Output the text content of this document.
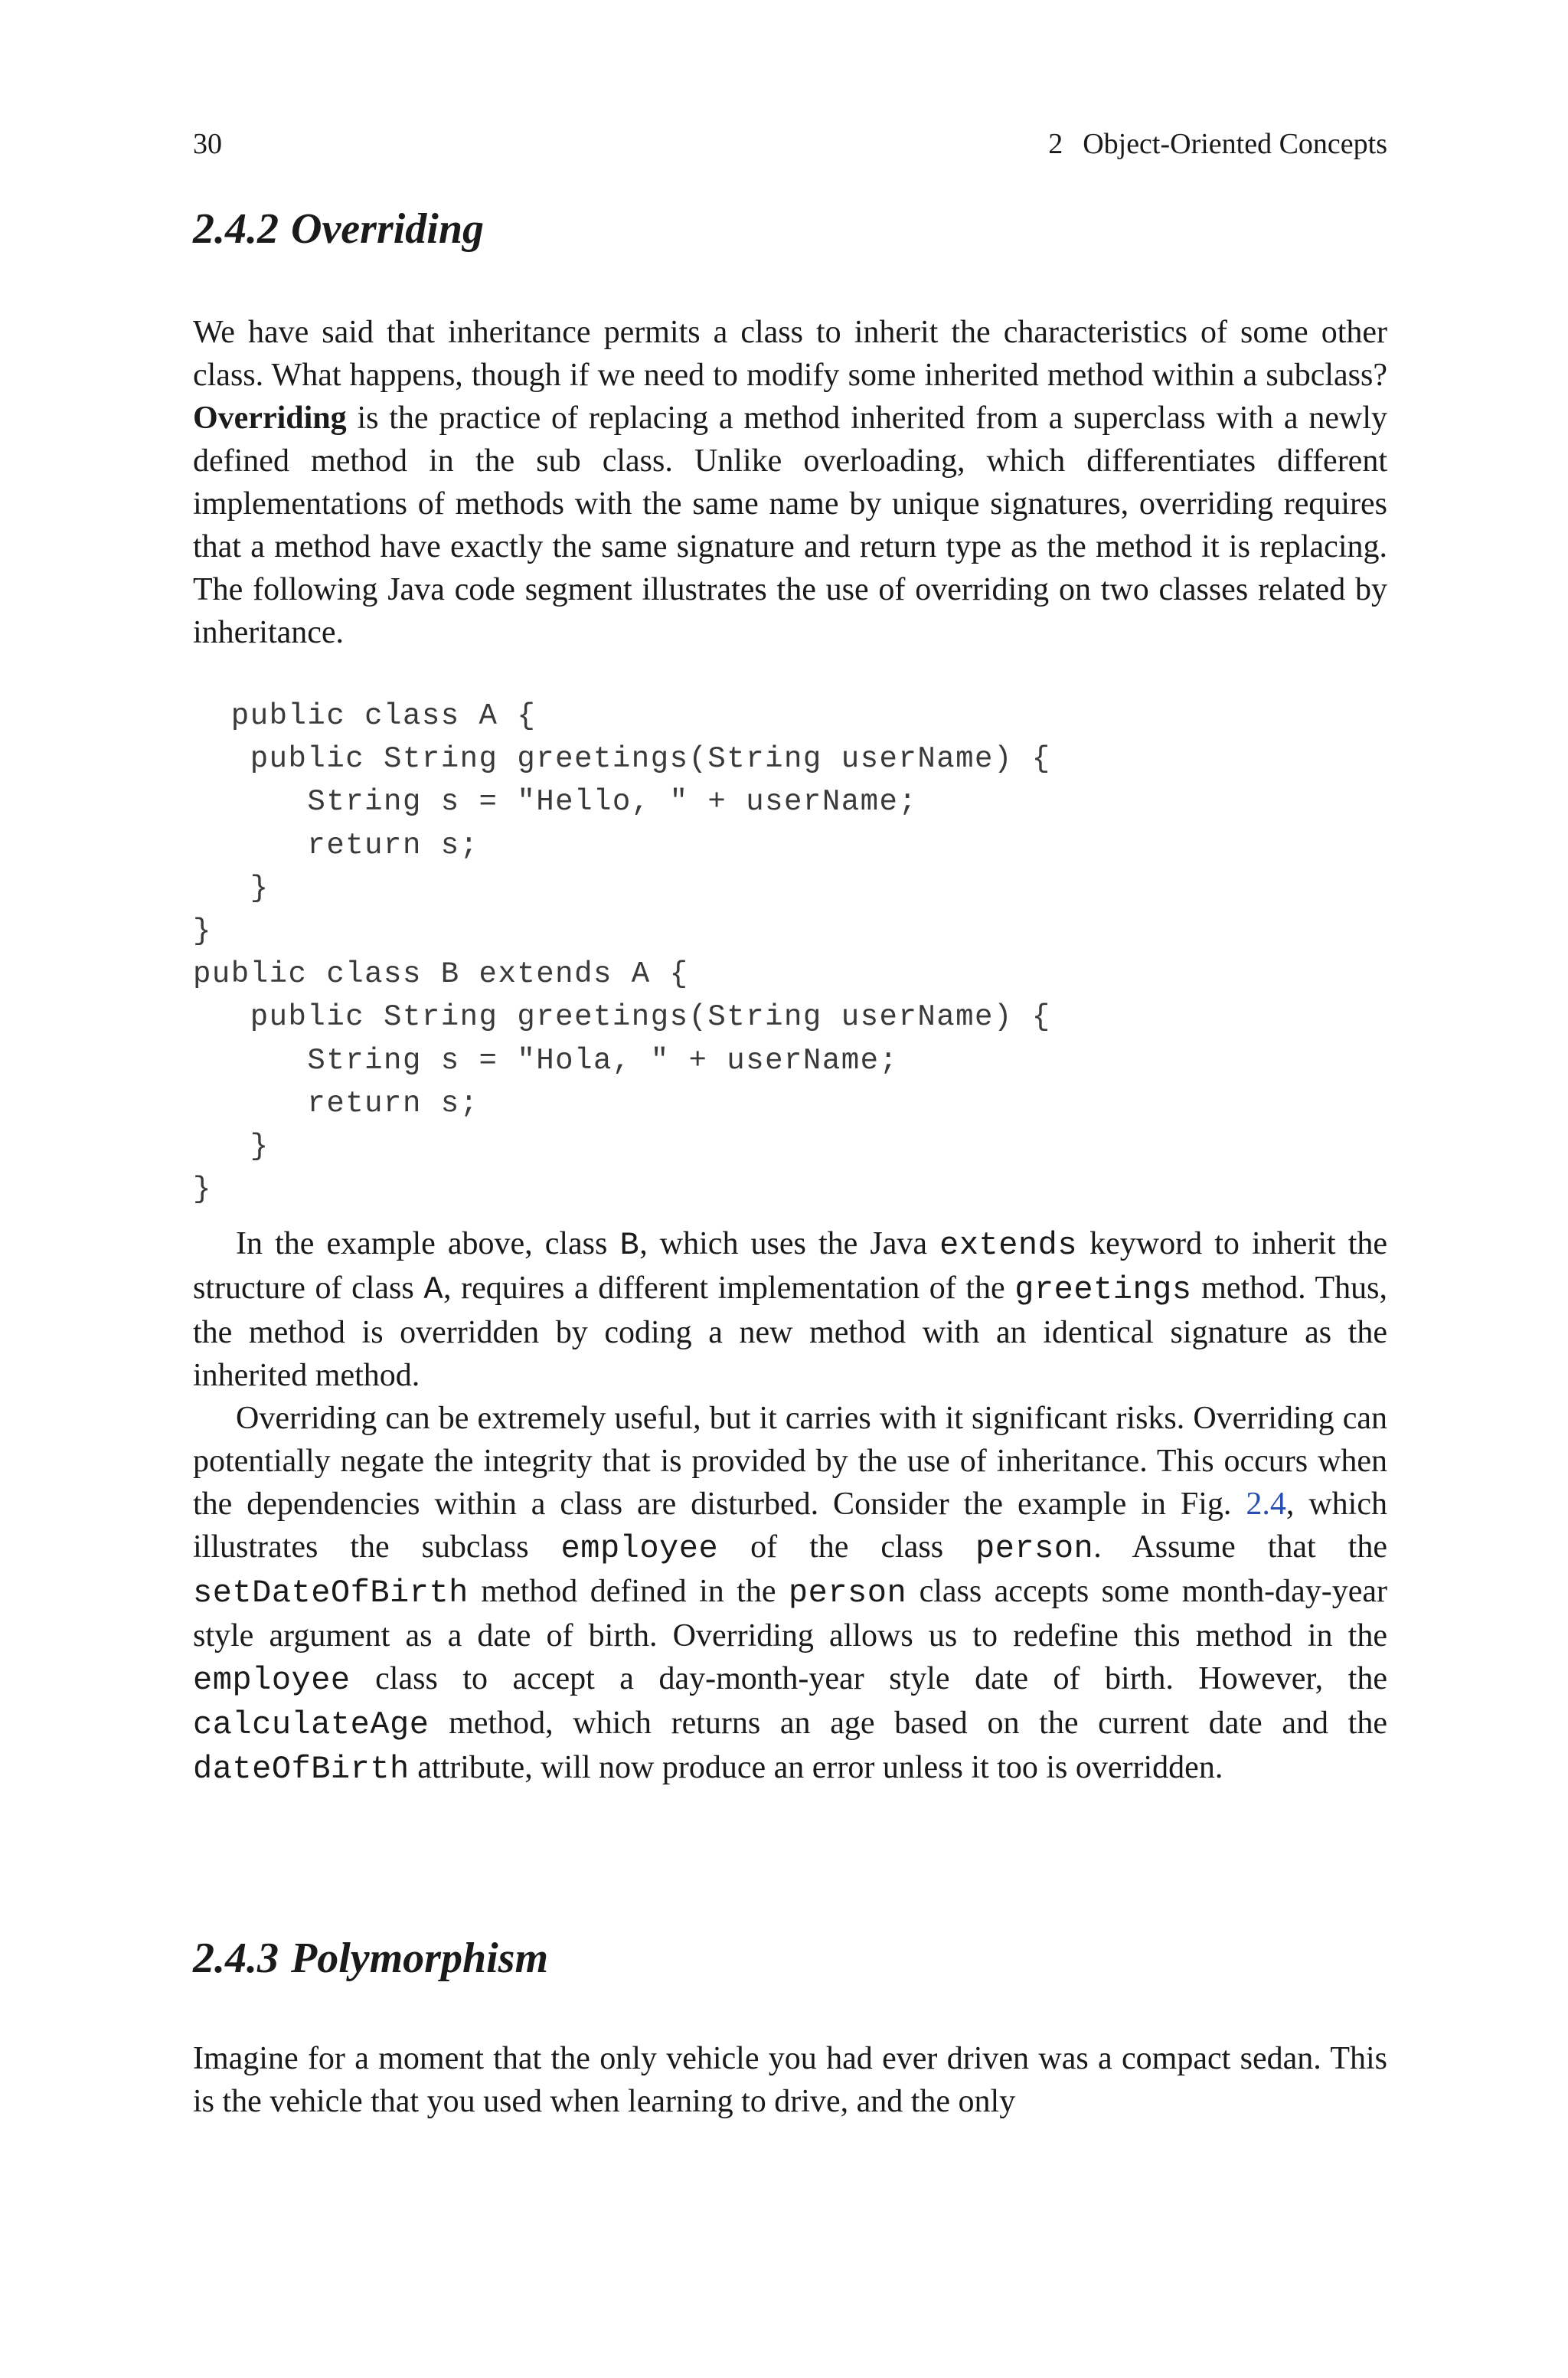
30	2 Object-Oriented Concepts
2.4.2 Overriding

We have said that inheritance permits a class to inherit the characteristics of some other class. What happens, though if we need to modify some inherited method within a subclass? Overriding is the practice of replacing a method inherited from a superclass with a newly defined method in the sub class. Unlike overloading, which differentiates different implementations of methods with the same name by unique signatures, overriding requires that a method have exactly the same signature and return type as the method it is replacing. The following Java code segment illustrates the use of overriding on two classes related by inheritance.

public class A {
public String greetings(String userName) {
String s = "Hello, " + userName;
return s;
}
}
public class B extends A {
public String greetings(String userName) {
String s = "Hola, " + userName;
return s;
}
}

In the example above, class B, which uses the Java extends keyword to inherit the structure of class A, requires a different implementation of the greetings method. Thus, the method is overridden by coding a new method with an identical signature as the inherited method.

Overriding can be extremely useful, but it carries with it significant risks. Overriding can potentially negate the integrity that is provided by the use of inheritance. This occurs when the dependencies within a class are disturbed. Consider the example in Fig. 2.4, which illustrates the subclass employee of the class person. Assume that the setDateOfBirth method defined in the person class accepts some month-day-year style argument as a date of birth. Overriding allows us to redefine this method in the employee class to accept a day-month-year style date of birth. However, the calculateAge method, which returns an age based on the current date and the dateOfBirth attribute, will now produce an error unless it too is overridden.

2.4.3 Polymorphism

Imagine for a moment that the only vehicle you had ever driven was a compact sedan. This is the vehicle that you used when learning to drive, and the only
